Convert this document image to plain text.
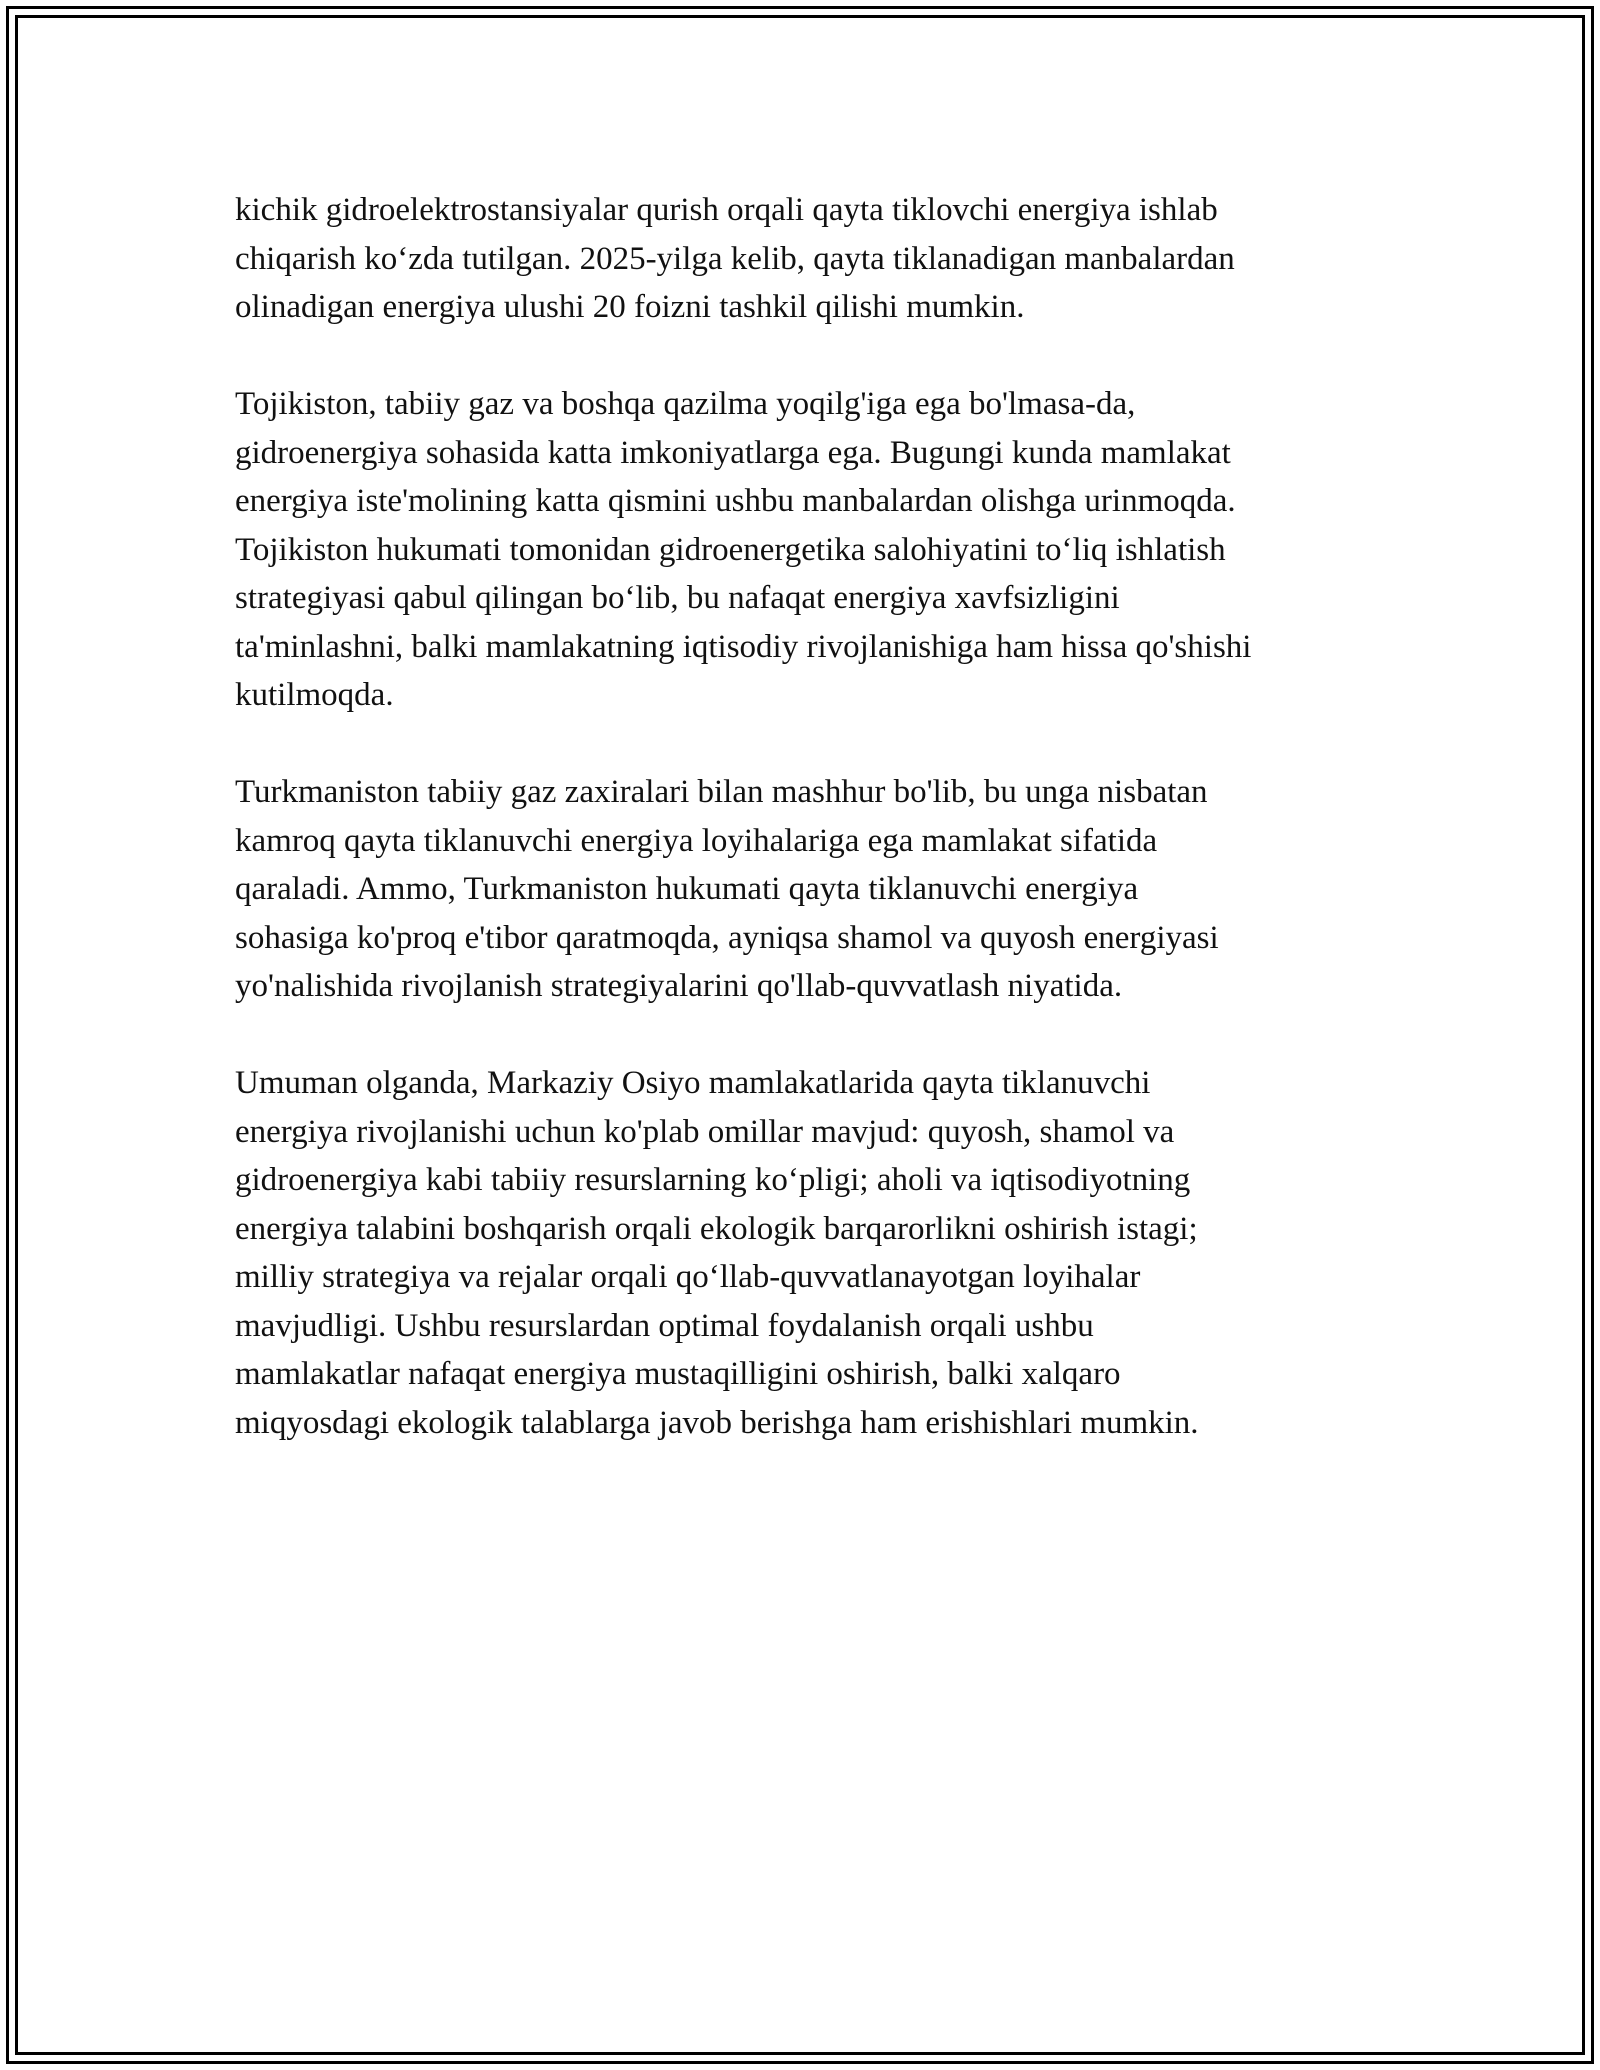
kichik gidroelektrostansiyalar qurish orqali qayta tiklovchi energiya ishlab
chiqarish ko‘zda tutilgan. 2025-yilga kelib, qayta tiklanadigan manbalardan
olinadigan energiya ulushi 20 foizni tashkil qilishi mumkin.

Tojikiston, tabiiy gaz va boshqa qazilma yoqilg'iga ega bo'lmasa-da,
gidroenergiya sohasida katta imkoniyatlarga ega. Bugungi kunda mamlakat
energiya iste'molining katta qismini ushbu manbalardan olishga urinmoqda.
Tojikiston hukumati tomonidan gidroenergetika salohiyatini to‘liq ishlatish
strategiyasi qabul qilingan bo‘lib, bu nafaqat energiya xavfsizligini
ta'minlashni, balki mamlakatning iqtisodiy rivojlanishiga ham hissa qo'shishi
kutilmoqda.

Turkmaniston tabiiy gaz zaxiralari bilan mashhur bo'lib, bu unga nisbatan
kamroq qayta tiklanuvchi energiya loyihalariga ega mamlakat sifatida
qaraladi. Ammo, Turkmaniston hukumati qayta tiklanuvchi energiya
sohasiga ko'proq e'tibor qaratmoqda, ayniqsa shamol va quyosh energiyasi
yo'nalishida rivojlanish strategiyalarini qo'llab-quvvatlash niyatida.

Umuman olganda, Markaziy Osiyo mamlakatlarida qayta tiklanuvchi
energiya rivojlanishi uchun ko'plab omillar mavjud: quyosh, shamol va
gidroenergiya kabi tabiiy resurslarning ko‘pligi; aholi va iqtisodiyotning
energiya talabini boshqarish orqali ekologik barqarorlikni oshirish istagi;
milliy strategiya va rejalar orqali qo‘llab-quvvatlanayotgan loyihalar
mavjudligi. Ushbu resurslardan optimal foydalanish orqali ushbu
mamlakatlar nafaqat energiya mustaqilligini oshirish, balki xalqaro
miqyosdagi ekologik talablarga javob berishga ham erishishlari mumkin.
